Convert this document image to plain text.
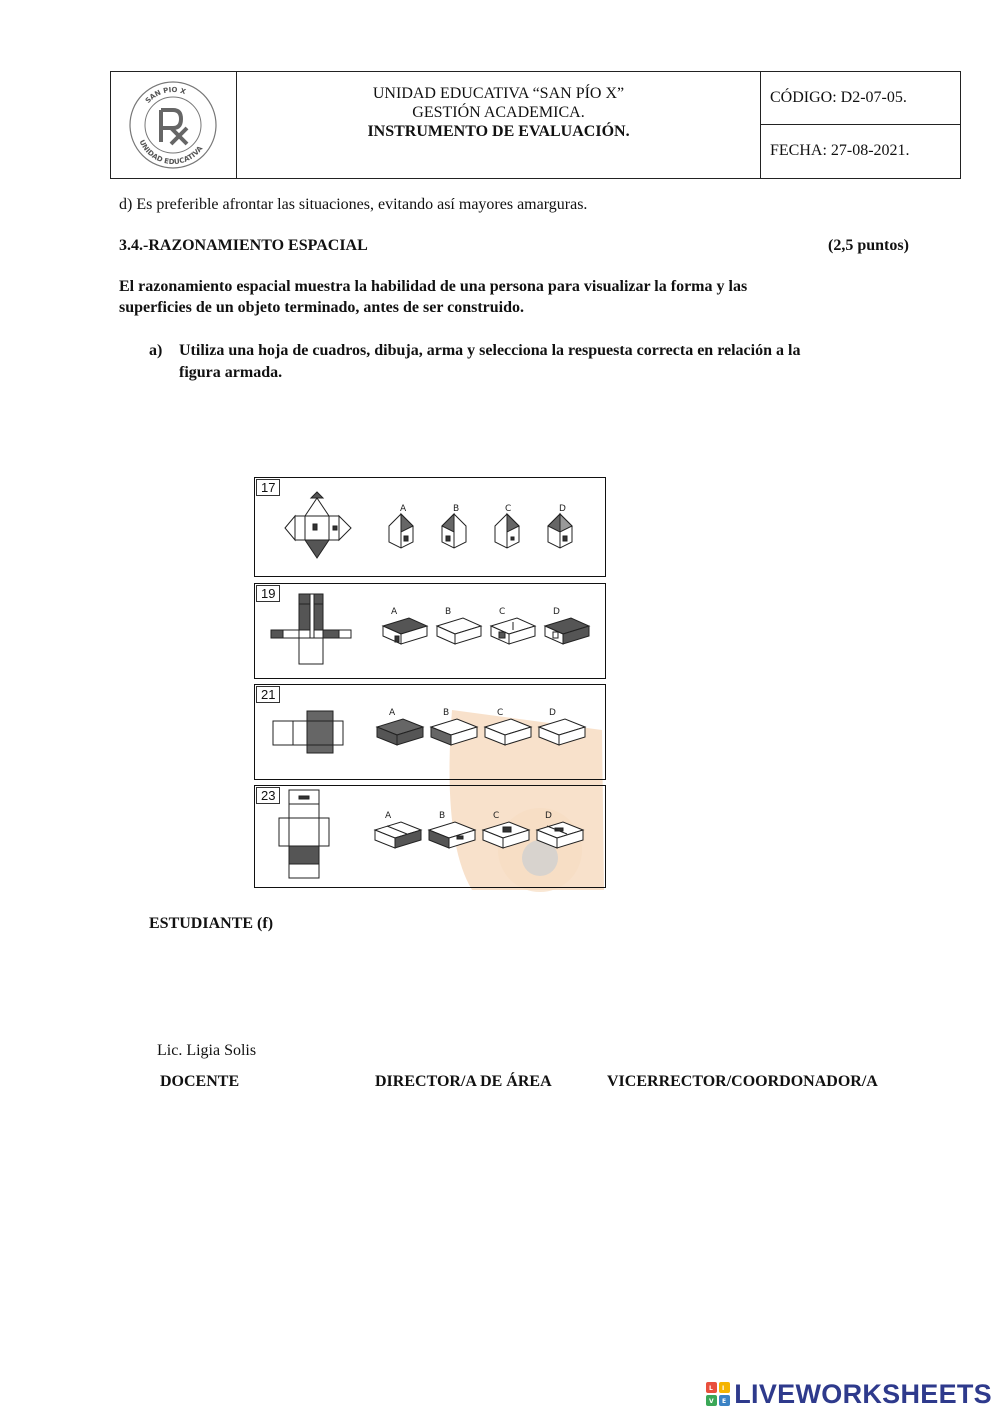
SAN PIO X
UNIDAD EDUCATIVA
UNIDAD EDUCATIVA “SAN PÍO X”
GESTIÓN ACADEMICA.
INSTRUMENTO DE EVALUACIÓN.
CÓDIGO: D2-07-05.
FECHA: 27-08-2021.
d) Es preferible afrontar las situaciones, evitando así mayores amarguras.
3.4.-RAZONAMIENTO ESPACIAL	(2,5 puntos)
El razonamiento espacial muestra la habilidad de una persona para visualizar la forma y las
superficies de un objeto terminado, antes de ser construido.
a) Utiliza una hoja de cuadros, dibuja, arma y selecciona la respuesta correcta en relación a la
figura armada.
17
A	B	C	D
19
A	B	C	D
21
A	B	C	D
23
A	B	C	D
ESTUDIANTE (f)
Lic. Ligia Solis
DOCENTE	DIRECTOR/A DE ÁREA	VICERRECTOR/COORDONADOR/A
L I V E LIVEWORKSHEETS
